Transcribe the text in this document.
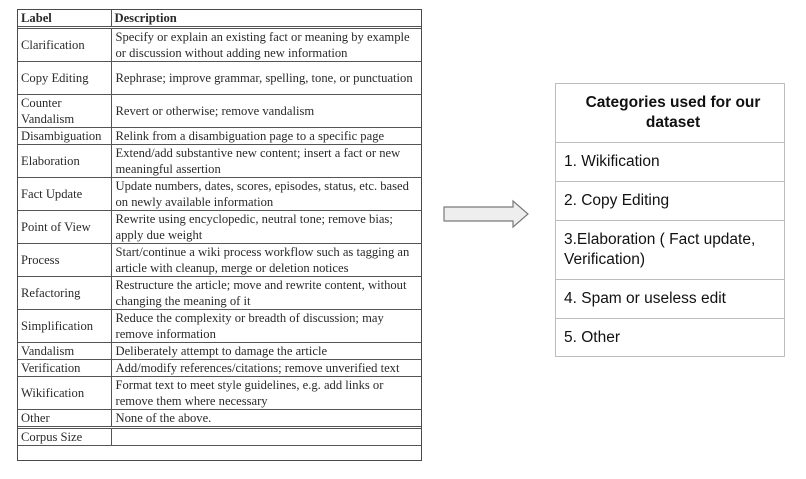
Label	Description
Clarification	Specify or explain an existing fact or meaning by example or discussion without adding new information
Copy Editing	Rephrase; improve grammar, spelling, tone, or punctuation
Counter Vandalism	Revert or otherwise; remove vandalism
Disambiguation	Relink from a disambiguation page to a specific page
Elaboration	Extend/add substantive new content; insert a fact or new meaningful assertion
Fact Update	Update numbers, dates, scores, episodes, status, etc. based on newly available information
Point of View	Rewrite using encyclopedic, neutral tone; remove bias; apply due weight
Process	Start/continue a wiki process workflow such as tagging an article with cleanup, merge or deletion notices
Refactoring	Restructure the article; move and rewrite content, without changing the meaning of it
Simplification	Reduce the complexity or breadth of discussion; may remove information
Vandalism	Deliberately attempt to damage the article
Verification	Add/modify references/citations; remove unverified text
Wikification	Format text to meet style guidelines, e.g. add links or remove them where necessary
Other	None of the above.
Corpus Size	
Categories used for our dataset
1. Wikification
2. Copy Editing
3.Elaboration ( Fact update,   Verification)
4. Spam or useless edit
5. Other
